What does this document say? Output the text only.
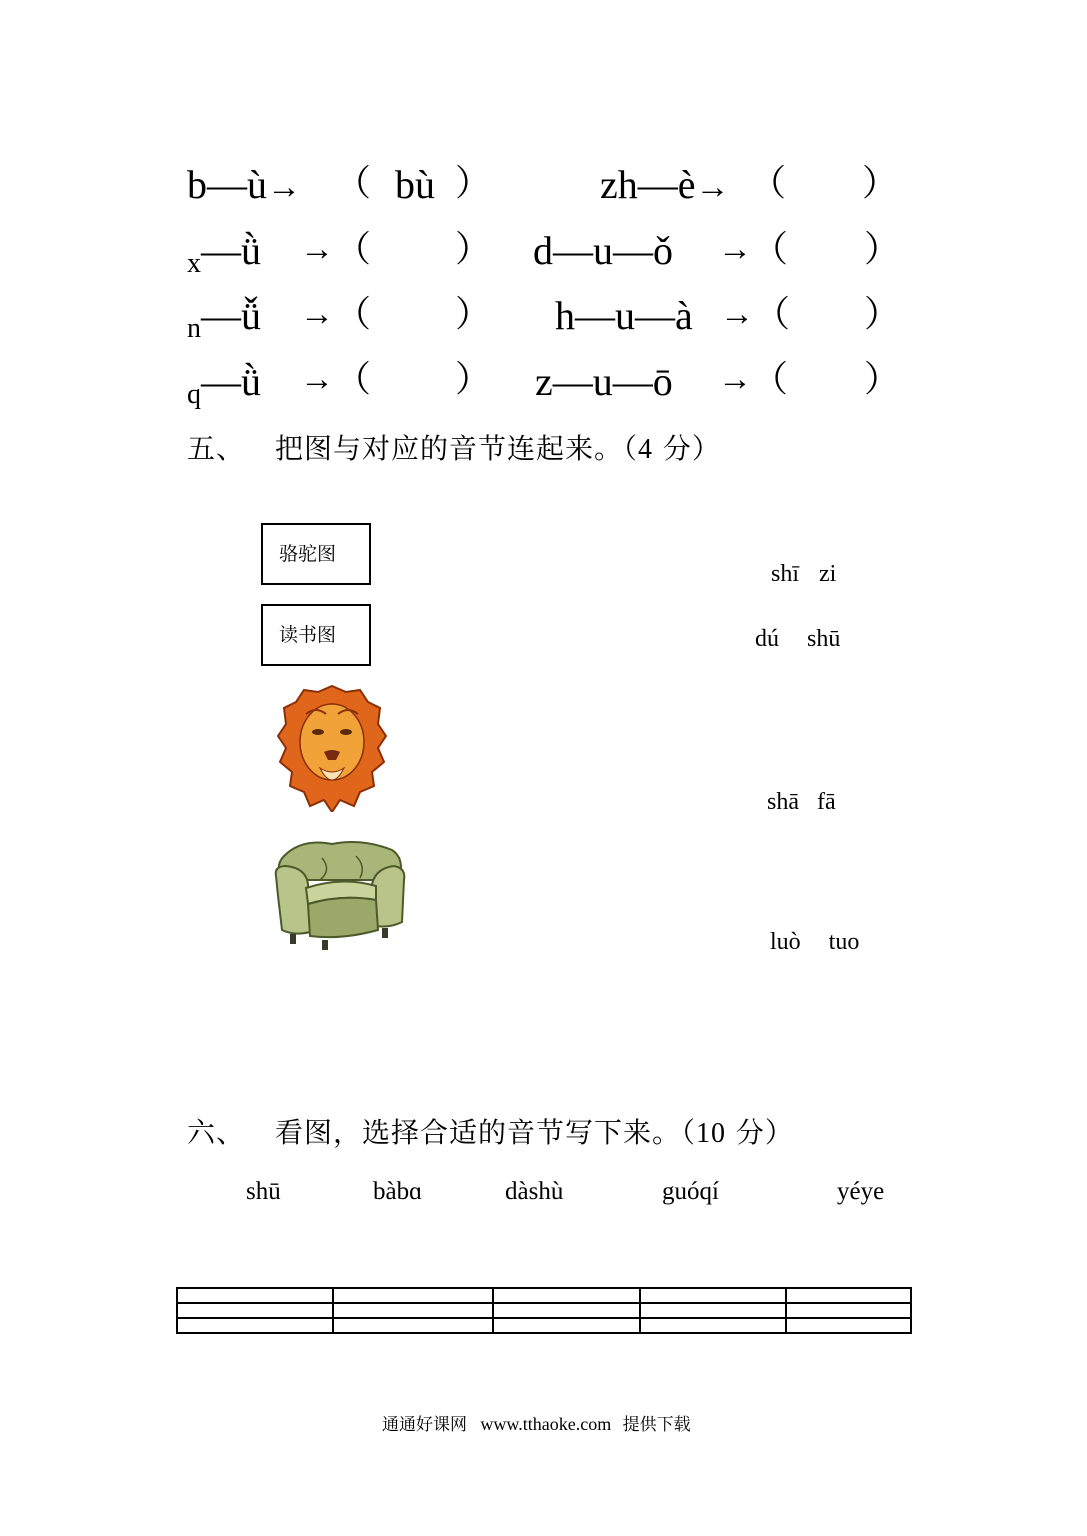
b—ù→ （ bù ）	zh—è→ （ ）
x—ǜ → （ ） d—u—ǒ → （ ）
n—ǚ → （ ） h—u—à → （ ）
q—ǜ → （ ） z—u—ō → （ ）
五、 把图与对应的音节连起来。（4 分）
骆驼图
读书图
shī zi
dú shū
shā fā
luò tuo
六、 看图，选择合适的音节写下来。（10 分）
shū	bàbɑ	dàshù	guóqí	yéye

通通好课网 www.tthaoke.com 提供下载
